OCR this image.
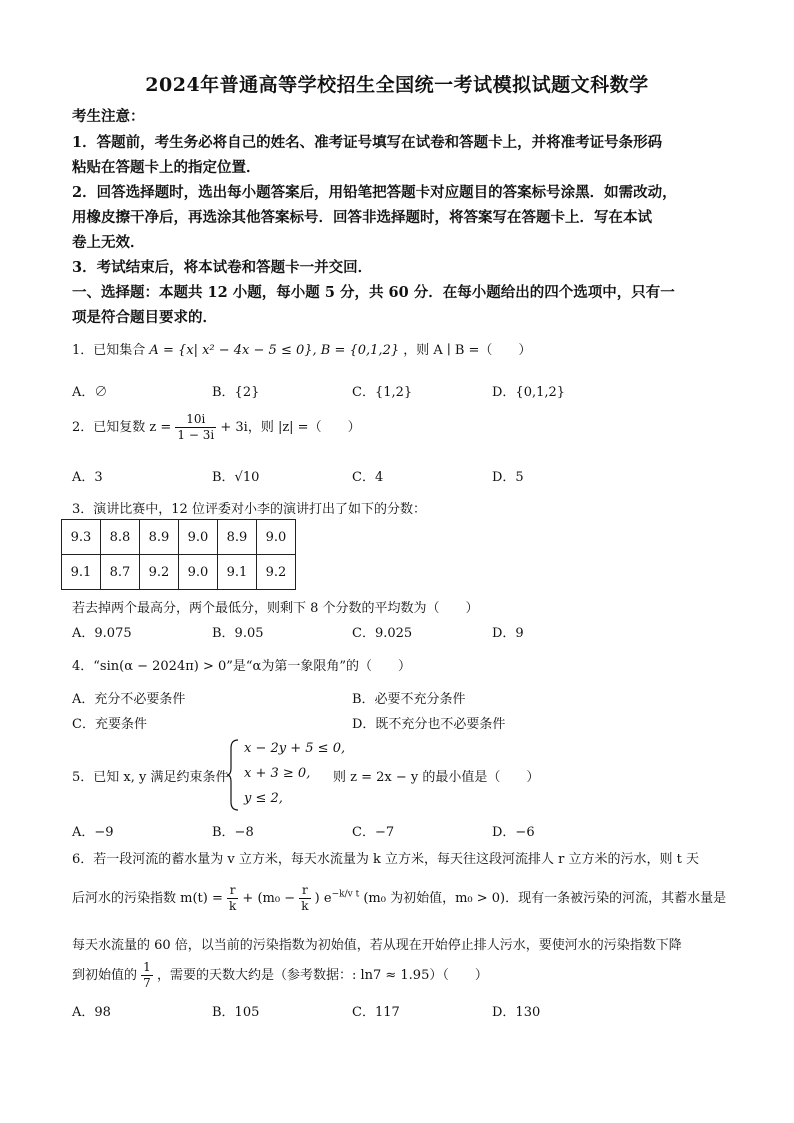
2024年普通高等学校招生全国统一考试模拟试题文科数学
考生注意：
1．答题前，考生务必将自己的姓名、准考证号填写在试卷和答题卡上，并将准考证号条形码
粘贴在答题卡上的指定位置．
2．回答选择题时，选出每小题答案后，用铅笔把答题卡对应题目的答案标号涂黑．如需改动，
用橡皮擦干净后，再选涂其他答案标号．回答非选择题时，将答案写在答题卡上．写在本试
卷上无效．
3．考试结束后，将本试卷和答题卡一并交回．
一、选择题：本题共 12 小题，每小题 5 分，共 60 分．在每小题给出的四个选项中，只有一
项是符合题目要求的．
1．已知集合 A = {x| x² − 4x − 5 ≤ 0}, B = {0,1,2} ，则 A ∣ B =（　　）
A．∅	B．{2}	C．{1,2}	D．{0,1,2}
2．已知复数 $z = \frac{10i}{1 - 3i} + 3i$，则 |z| =（　　）
A．3	B．√10	C．4	D．5
3．演讲比赛中，12 位评委对小李的演讲打出了如下的分数：
9.3	8.8	8.9	9.0	8.9	9.0
9.1	8.7	9.2	9.0	9.1	9.2
若去掉两个最高分，两个最低分，则剩下 8 个分数的平均数为（　　）
A．9.075	B．9.05	C．9.025	D．9
4．“sin(α − 2024π) > 0”是“α为第一象限角”的（　　）
A．充分不必要条件	B．必要不充分条件
C．充要条件	D．既不充分也不必要条件
5．已知 x, y 满足约束条件
x − 2y + 5 ≤ 0,
x + 3 ≥ 0,
y ≤ 2,
则 z = 2x − y 的最小值是（　　）
A．−9	B．−8	C．−7	D．−6
6．若一段河流的蓄水量为 v 立方米，每天水流量为 k 立方米，每天往这段河流排人 r 立方米的污水，则 t 天
后河水的污染指数 $m(t) = \frac{r}{k} + (m_0 - \frac{r}{k}$ ) $e^{-k/v t}$ (m₀ 为初始值，m₀ > 0)．现有一条被污染的河流，其蓄水量是
每天水流量的 60 倍，以当前的污染指数为初始值，若从现在开始停止排人污水，要使河水的污染指数下降
到初始值的 $\frac{1}{7}$ ，需要的天数大约是（参考数据：: ln7 ≈ 1.95）（　　）
A．98	B．105	C．117	D．130
